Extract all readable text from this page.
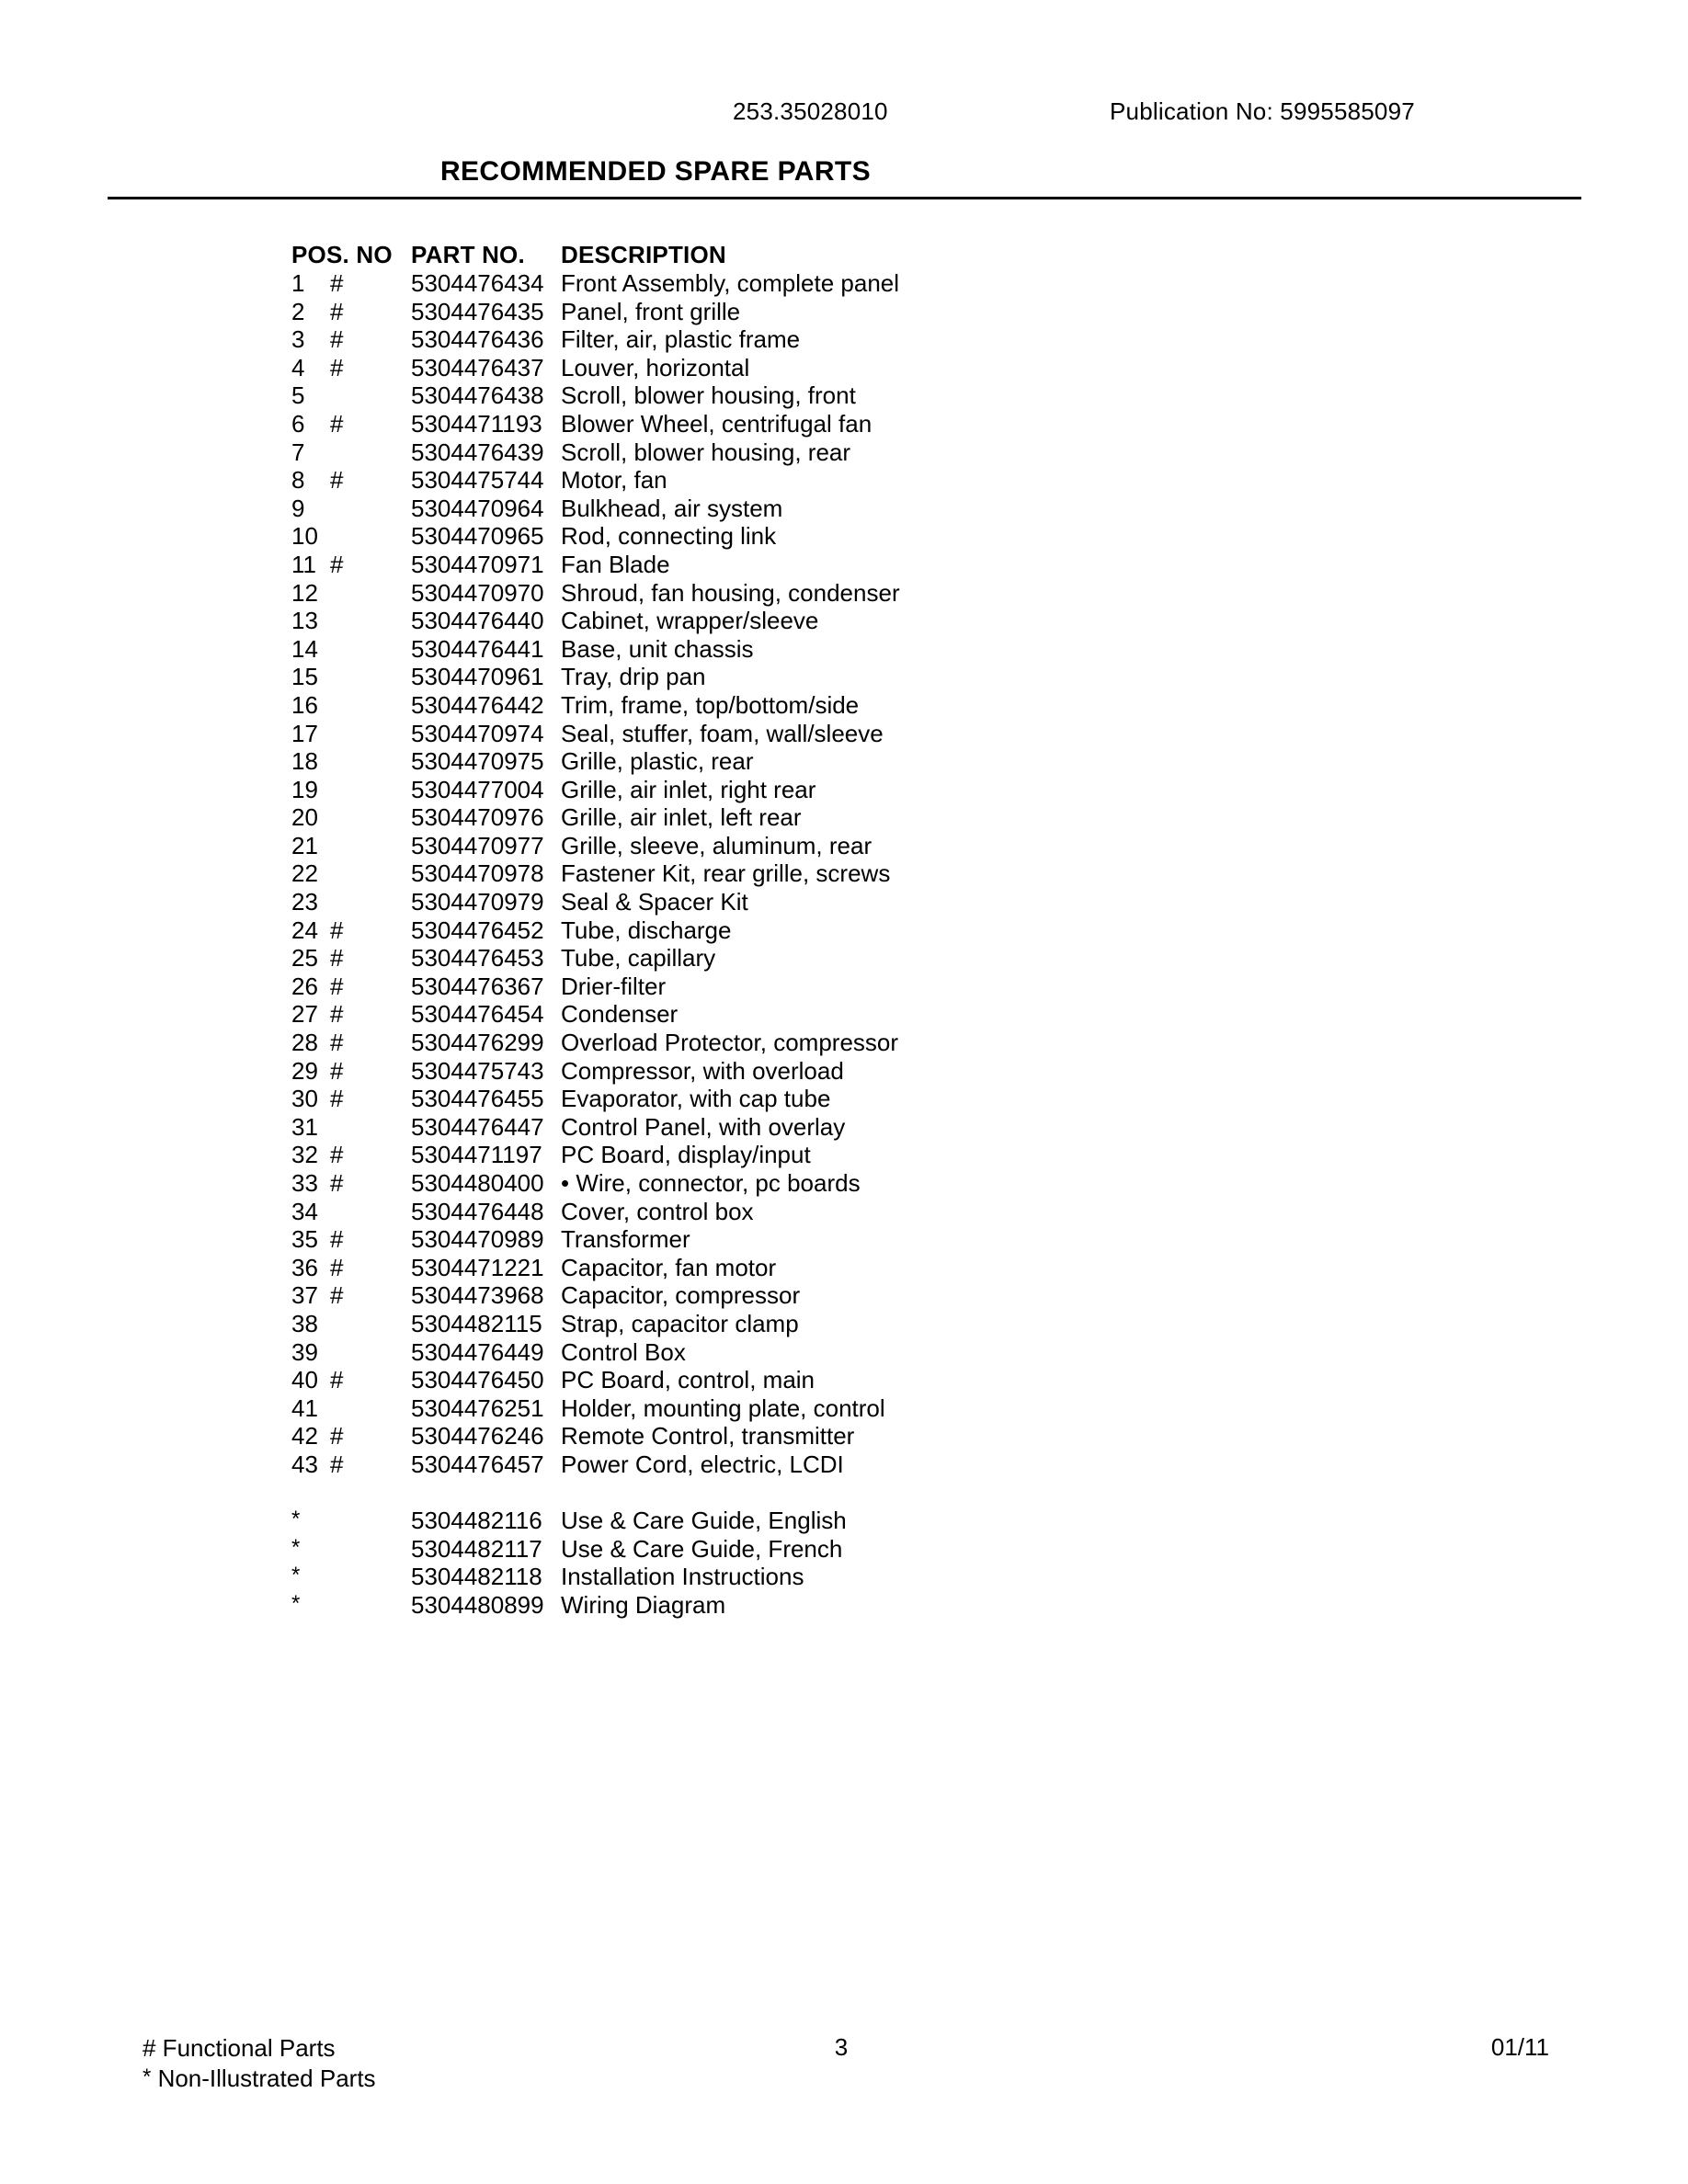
253.35028010	Publication No: 5995585097
RECOMMENDED SPARE PARTS
POS. NO PART NO.	DESCRIPTION
1 #	5304476434 Front Assembly, complete panel
2 #	5304476435 Panel, front grille
3 #	5304476436 Filter, air, plastic frame
4 #	5304476437 Louver, horizontal
5	5304476438 Scroll, blower housing, front
6 #	5304471193 Blower Wheel, centrifugal fan
7	5304476439 Scroll, blower housing, rear
8 #	5304475744 Motor, fan
9	5304470964 Bulkhead, air system
10	5304470965 Rod, connecting link
11 #	5304470971 Fan Blade
12	5304470970 Shroud, fan housing, condenser
13	5304476440 Cabinet, wrapper/sleeve
14	5304476441 Base, unit chassis
15	5304470961 Tray, drip pan
16	5304476442 Trim, frame, top/bottom/side
17	5304470974 Seal, stuffer, foam, wall/sleeve
18	5304470975 Grille, plastic, rear
19	5304477004 Grille, air inlet, right rear
20	5304470976 Grille, air inlet, left rear
21	5304470977 Grille, sleeve, aluminum, rear
22	5304470978 Fastener Kit, rear grille, screws
23	5304470979 Seal & Spacer Kit
24 #	5304476452 Tube, discharge
25 #	5304476453 Tube, capillary
26 #	5304476367 Drier-filter
27 #	5304476454 Condenser
28 #	5304476299 Overload Protector, compressor
29 #	5304475743 Compressor, with overload
30 #	5304476455 Evaporator, with cap tube
31	5304476447 Control Panel, with overlay
32 #	5304471197 PC Board, display/input
33 #	5304480400 • Wire, connector, pc boards
34	5304476448 Cover, control box
35 #	5304470989 Transformer
36 #	5304471221 Capacitor, fan motor
37 #	5304473968 Capacitor, compressor
38	5304482115 Strap, capacitor clamp
39	5304476449 Control Box
40 #	5304476450 PC Board, control, main
41	5304476251 Holder, mounting plate, control
42 #	5304476246 Remote Control, transmitter
43 #	5304476457 Power Cord, electric, LCDI
*	5304482116 Use & Care Guide, English
*	5304482117 Use & Care Guide, French
*	5304482118 Installation Instructions
*	5304480899 Wiring Diagram
# Functional Parts
* Non-Illustrated Parts
3	01/11
